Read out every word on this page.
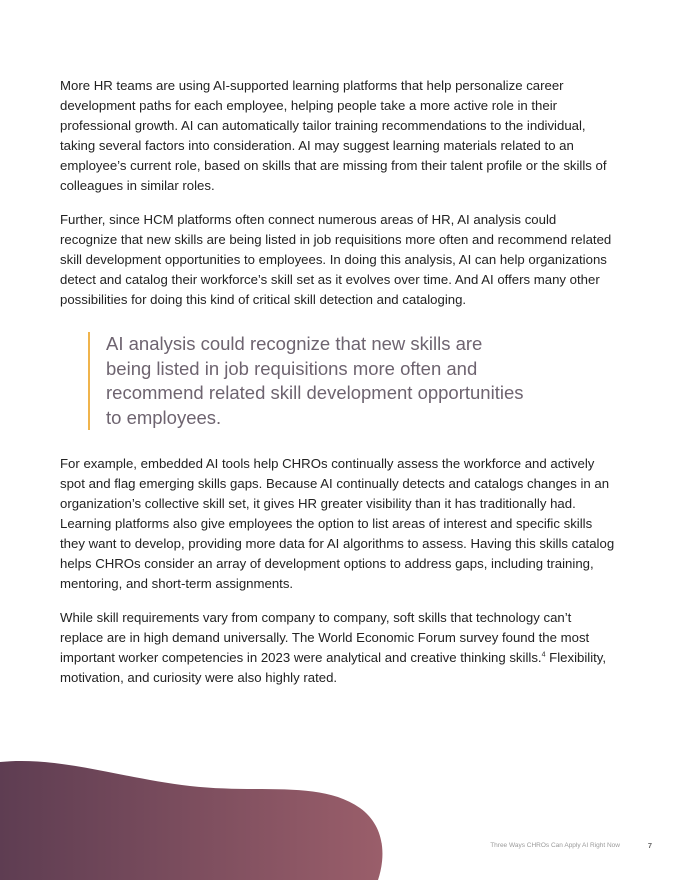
More HR teams are using AI-supported learning platforms that help personalize career development paths for each employee, helping people take a more active role in their professional growth. AI can automatically tailor training recommendations to the individual, taking several factors into consideration. AI may suggest learning materials related to an employee’s current role, based on skills that are missing from their talent profile or the skills of colleagues in similar roles.

Further, since HCM platforms often connect numerous areas of HR, AI analysis could recognize that new skills are being listed in job requisitions more often and recommend related skill development opportunities to employees. In doing this analysis, AI can help organizations detect and catalog their workforce’s skill set as it evolves over time. And AI offers many other possibilities for doing this kind of critical skill detection and cataloging.

AI analysis could recognize that new skills are being listed in job requisitions more often and recommend related skill development opportunities to employees.

For example, embedded AI tools help CHROs continually assess the workforce and actively spot and flag emerging skills gaps. Because AI continually detects and catalogs changes in an organization’s collective skill set, it gives HR greater visibility than it has traditionally had. Learning platforms also give employees the option to list areas of interest and specific skills they want to develop, providing more data for AI algorithms to assess. Having this skills catalog helps CHROs consider an array of development options to address gaps, including training, mentoring, and short-term assignments.

While skill requirements vary from company to company, soft skills that technology can’t replace are in high demand universally. The World Economic Forum survey found the most important worker competencies in 2023 were analytical and creative thinking skills.$^4$ Flexibility, motivation, and curiosity were also highly rated.

Three Ways CHROs Can Apply AI Right Now	7
